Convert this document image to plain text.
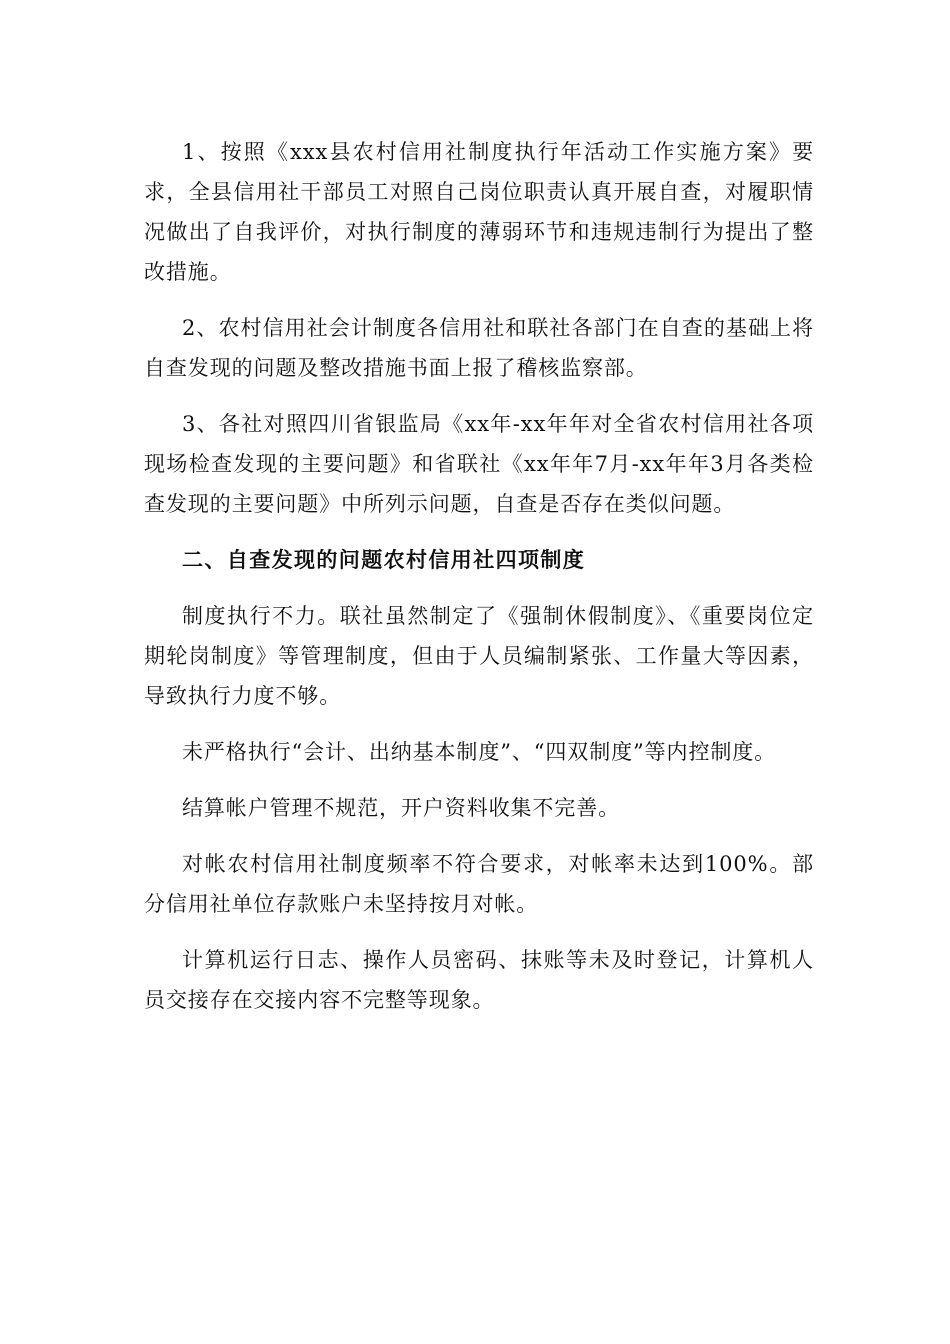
1、按照《xxx县农村信用社制度执行年活动工作实施方案》要求，全县信用社干部员工对照自己岗位职责认真开展自查，对履职情况做出了自我评价，对执行制度的薄弱环节和违规违制行为提出了整改措施。

2、农村信用社会计制度各信用社和联社各部门在自查的基础上将自查发现的问题及整改措施书面上报了稽核监察部。

3、各社对照四川省银监局《xx年-xx年年对全省农村信用社各项现场检查发现的主要问题》和省联社《xx年年7月-xx年年3月各类检查发现的主要问题》中所列示问题，自查是否存在类似问题。

二、自查发现的问题农村信用社四项制度

制度执行不力。联社虽然制定了《强制休假制度》、《重要岗位定期轮岗制度》等管理制度，但由于人员编制紧张、工作量大等因素，导致执行力度不够。

未严格执行“会计、出纳基本制度”、“四双制度”等内控制度。

结算帐户管理不规范，开户资料收集不完善。

对帐农村信用社制度频率不符合要求，对帐率未达到100%。部分信用社单位存款账户未坚持按月对帐。

计算机运行日志、操作人员密码、抹账等未及时登记，计算机人员交接存在交接内容不完整等现象。
